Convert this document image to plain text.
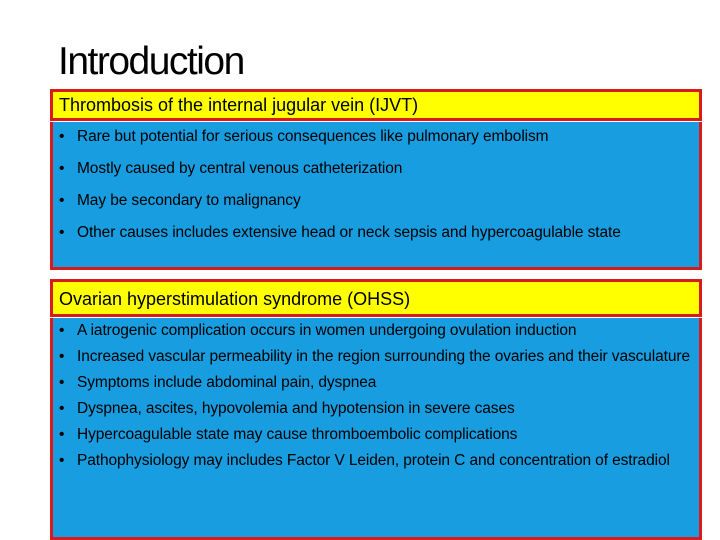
Introduction
Thrombosis of the internal jugular vein (IJVT)
• Rare but potential for serious consequences like pulmonary embolism
• Mostly caused by central venous catheterization
• May be secondary to malignancy
• Other causes includes extensive head or neck sepsis and hypercoagulable state
Ovarian hyperstimulation syndrome (OHSS)
• A iatrogenic complication occurs in women undergoing ovulation induction
• Increased vascular permeability in the region surrounding the ovaries and their vasculature
• Symptoms include abdominal pain, dyspnea
• Dyspnea, ascites, hypovolemia and hypotension in severe cases
• Hypercoagulable state may cause thromboembolic complications
• Pathophysiology may includes Factor V Leiden, protein C and concentration of estradiol
